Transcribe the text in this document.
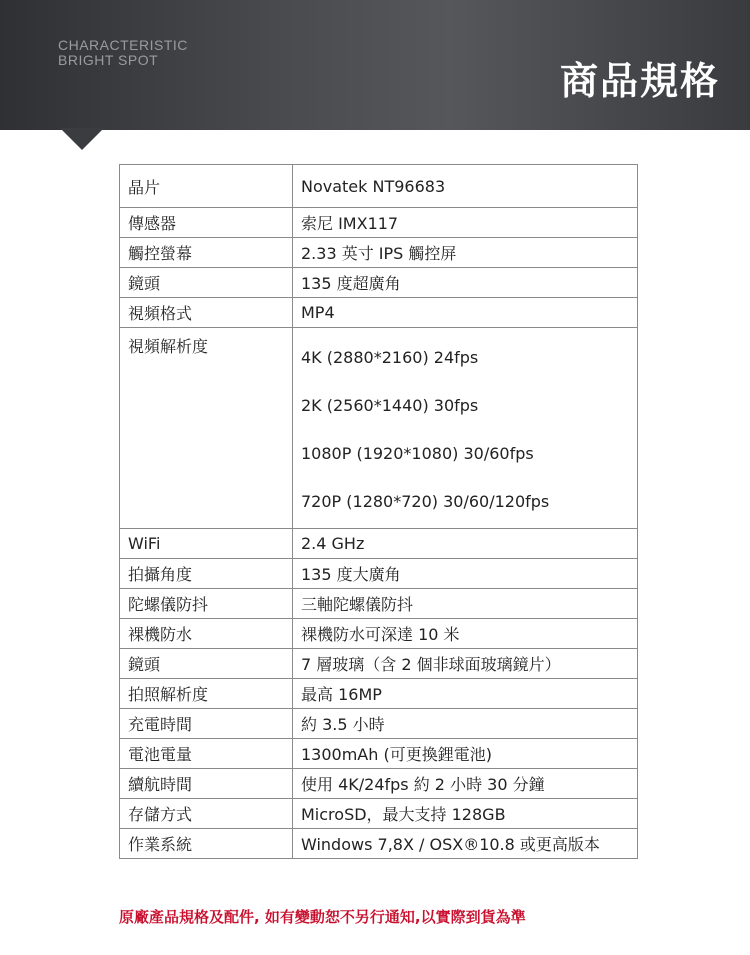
CHARACTERISTIC
BRIGHT SPOT	商品規格
晶片	Novatek NT96683
傳感器	索尼 IMX117
觸控螢幕	2.33 英寸 IPS 觸控屏
鏡頭	135 度超廣角
視頻格式	MP4
視頻解析度	4K (2880*2160) 24fps
2K (2560*1440) 30fps
1080P (1920*1080) 30/60fps
720P (1280*720) 30/60/120fps

WiFi	2.4 GHz
拍攝角度	135 度大廣角
陀螺儀防抖	三軸陀螺儀防抖
裸機防水	裸機防水可深達 10 米
鏡頭	7 層玻璃（含 2 個非球面玻璃鏡片）
拍照解析度	最高 16MP
充電時間	約 3.5 小時
電池電量	1300mAh (可更換鋰電池)
續航時間	使用 4K/24fps 約 2 小時 30 分鐘
存儲方式	MicroSD，最大支持 128GB
作業系統	Windows 7,8X / OSX®10.8 或更高版本
原廠產品規格及配件, 如有變動恕不另行通知,以實際到貨為準
